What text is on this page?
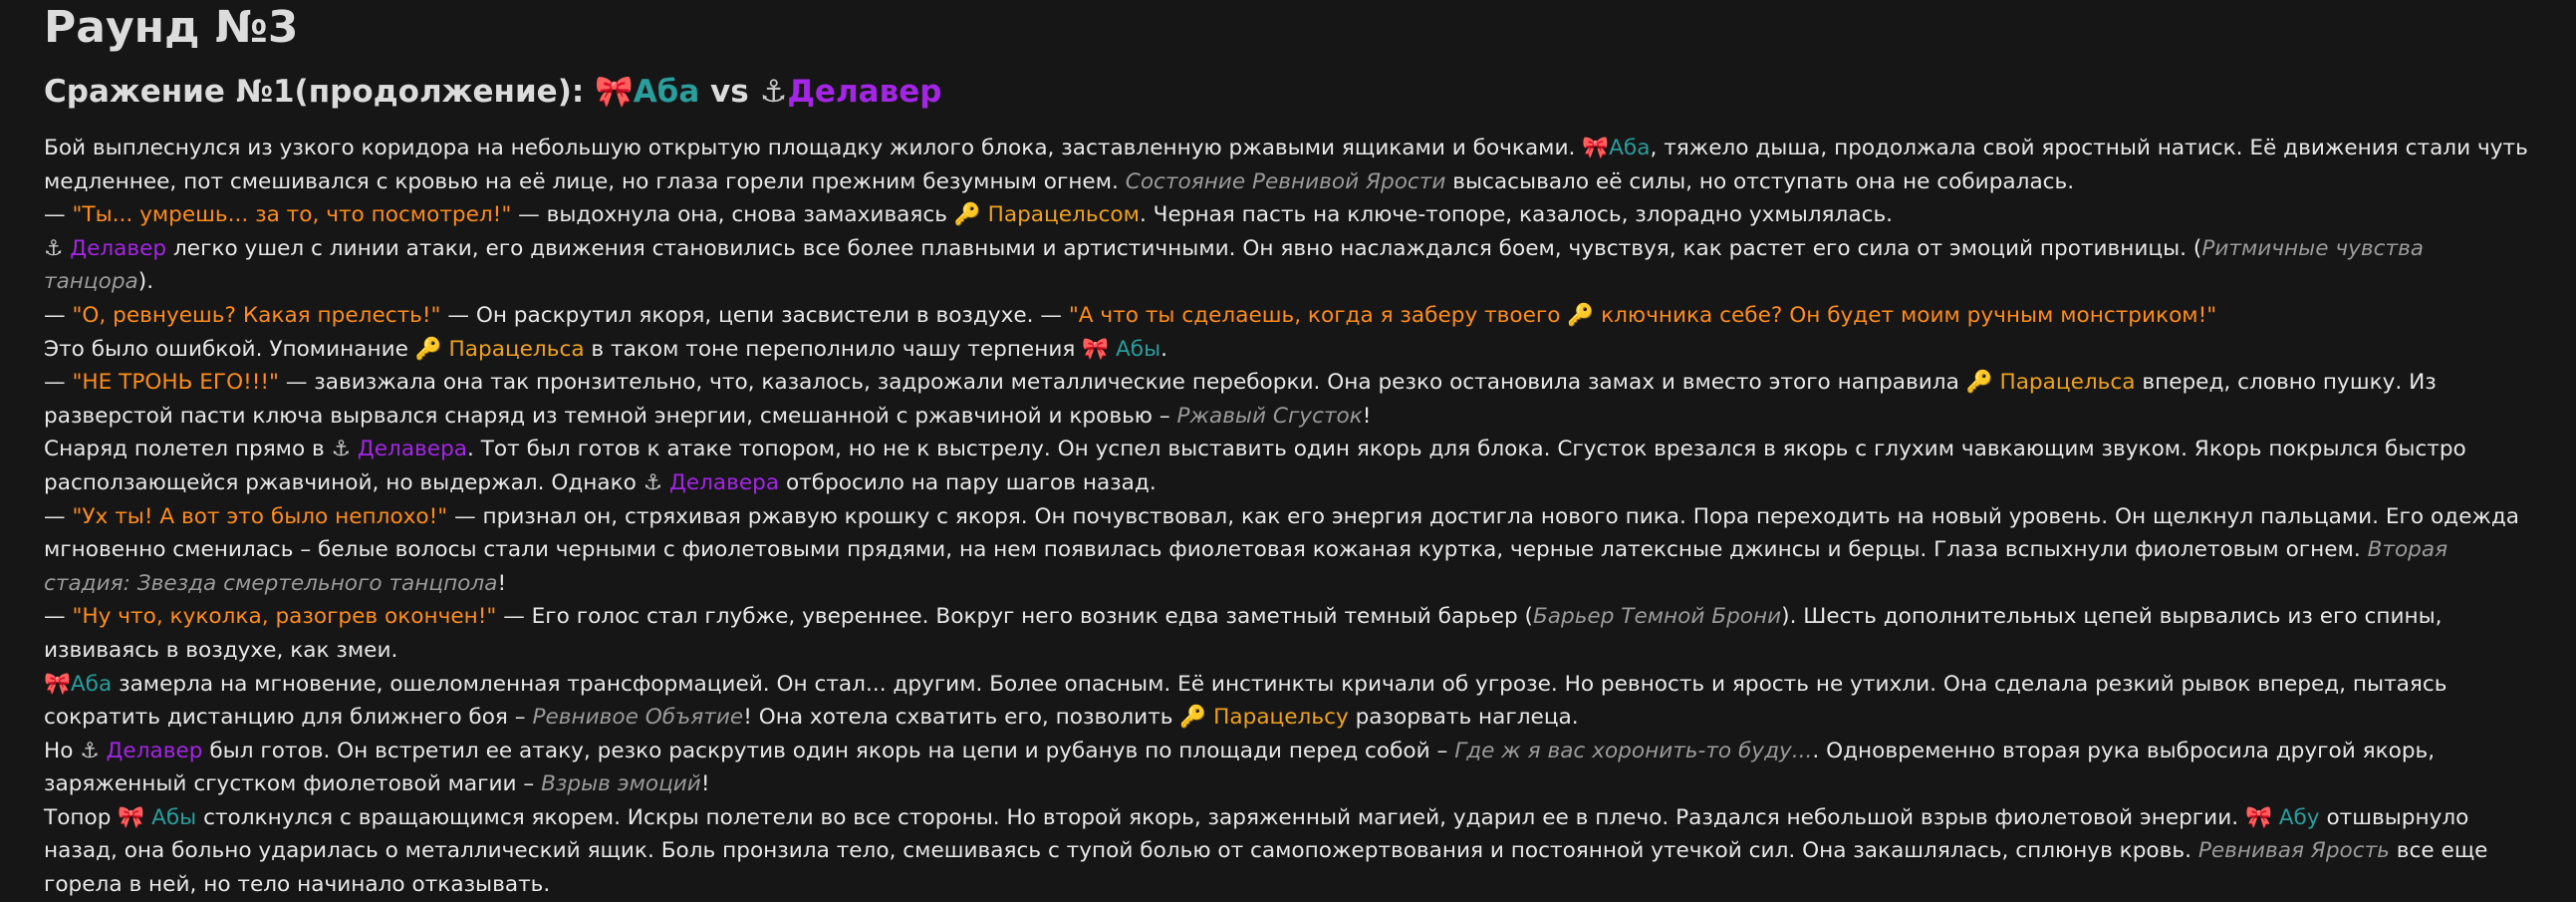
Раунд №3
Сражение №1(продолжение): 🎀Аба vs ⚓Делавер
Бой выплеснулся из узкого коридора на небольшую открытую площадку жилого блока, заставленную ржавыми ящиками и бочками. 🎀Аба, тяжело дыша, продолжала свой яростный натиск. Её движения стали чуть медленнее, пот смешивался с кровью на её лице, но глаза горели прежним безумным огнем. Состояние Ревнивой Ярости высасывало её силы, но отступать она не собиралась.
— "Ты... умрешь... за то, что посмотрел!" — выдохнула она, снова замахиваясь 🔑 Парацельсом. Черная пасть на ключе-топоре, казалось, злорадно ухмылялась.
⚓ Делавер легко ушел с линии атаки, его движения становились все более плавными и артистичными. Он явно наслаждался боем, чувствуя, как растет его сила от эмоций противницы. (Ритмичные чувства танцора).
— "О, ревнуешь? Какая прелесть!" — Он раскрутил якоря, цепи засвистели в воздухе. — "А что ты сделаешь, когда я заберу твоего 🔑 ключника себе? Он будет моим ручным монстриком!"
Это было ошибкой. Упоминание 🔑 Парацельса в таком тоне переполнило чашу терпения 🎀 Абы.
— "НЕ ТРОНЬ ЕГО!!!" — завизжала она так пронзительно, что, казалось, задрожали металлические переборки. Она резко остановила замах и вместо этого направила 🔑 Парацельса вперед, словно пушку. Из разверстой пасти ключа вырвался снаряд из темной энергии, смешанной с ржавчиной и кровью – Ржавый Сгусток!
Снаряд полетел прямо в ⚓ Делавера. Тот был готов к атаке топором, но не к выстрелу. Он успел выставить один якорь для блока. Сгусток врезался в якорь с глухим чавкающим звуком. Якорь покрылся быстро расползающейся ржавчиной, но выдержал. Однако ⚓ Делавера отбросило на пару шагов назад.
— "Ух ты! А вот это было неплохо!" — признал он, стряхивая ржавую крошку с якоря. Он почувствовал, как его энергия достигла нового пика. Пора переходить на новый уровень. Он щелкнул пальцами. Его одежда мгновенно сменилась – белые волосы стали черными с фиолетовыми прядями, на нем появилась фиолетовая кожаная куртка, черные латексные джинсы и берцы. Глаза вспыхнули фиолетовым огнем. Вторая стадия: Звезда смертельного танцпола!
— "Ну что, куколка, разогрев окончен!" — Его голос стал глубже, увереннее. Вокруг него возник едва заметный темный барьер (Барьер Темной Брони). Шесть дополнительных цепей вырвались из его спины, извиваясь в воздухе, как змеи.
🎀Аба замерла на мгновение, ошеломленная трансформацией. Он стал... другим. Более опасным. Её инстинкты кричали об угрозе. Но ревность и ярость не утихли. Она сделала резкий рывок вперед, пытаясь сократить дистанцию для ближнего боя – Ревнивое Объятие! Она хотела схватить его, позволить 🔑 Парацельсу разорвать наглеца.
Но ⚓ Делавер был готов. Он встретил ее атаку, резко раскрутив один якорь на цепи и рубанув по площади перед собой – Где ж я вас хоронить-то буду.... Одновременно вторая рука выбросила другой якорь, заряженный сгустком фиолетовой магии – Взрыв эмоций!
Топор 🎀 Абы столкнулся с вращающимся якорем. Искры полетели во все стороны. Но второй якорь, заряженный магией, ударил ее в плечо. Раздался небольшой взрыв фиолетовой энергии. 🎀 Абу отшвырнуло назад, она больно ударилась о металлический ящик. Боль пронзила тело, смешиваясь с тупой болью от самопожертвования и постоянной утечкой сил. Она закашлялась, сплюнув кровь. Ревнивая Ярость все еще горела в ней, но тело начинало отказывать.
